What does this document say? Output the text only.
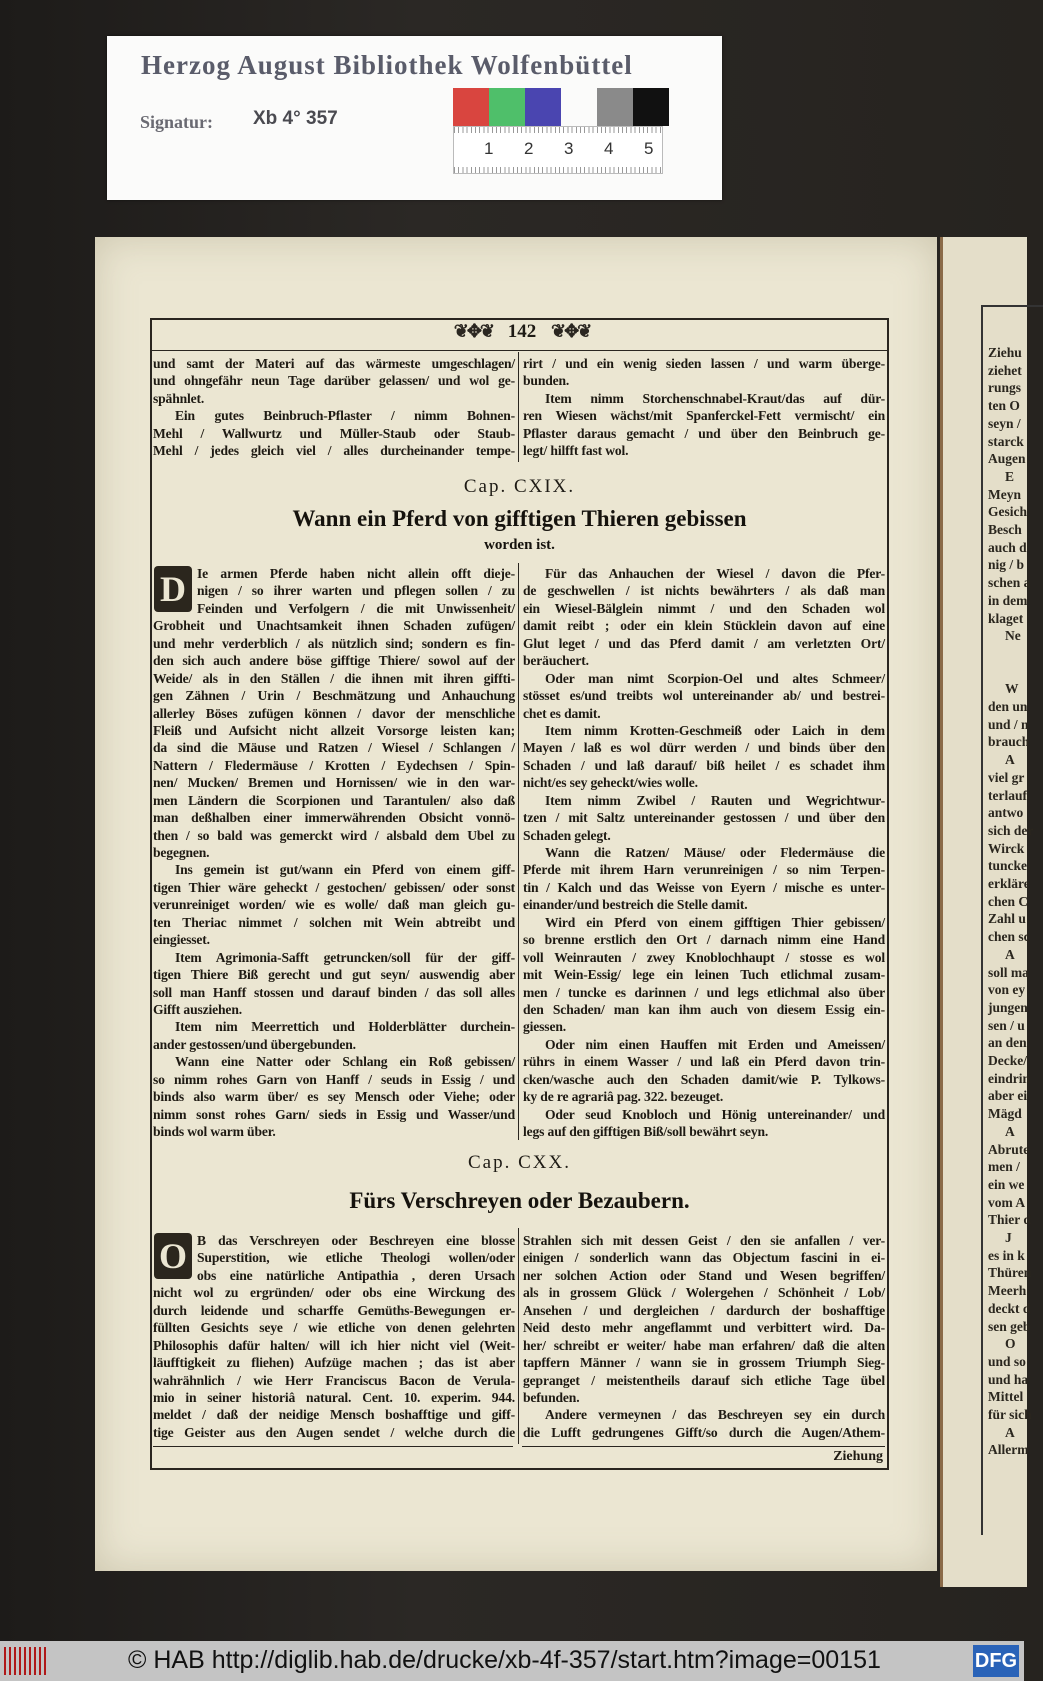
Herzog August Bibliothek Wolfenbüttel
Signatur: Xb 4° 357
1 2 3 4 5
Ziehu
ziehet
rungs
ten O
seyn /
starck
Augen
E
Meyn
Gesich
Besch
auch d
nig / b
schen a
in dem
klaget
Ne
W
den un
und / n
brauch
A
viel gr
terlauf
antwo
sich der
Wirck
tunckel
erkläre
chen C
Zahl u
chen sc
A
soll ma
von ey
jungen
sen / u
an den
Decke/
eindrin
aber ei
Mägd
A
Abrute
men /
ein we
vom A
Thier d
J
es in k
Thüren
Meerh
deckt d
sen geb
O
und so
und ha
Mittel
für sich
A
Allerm
❦✥❦ 142 ❦✥❦
und samt der Materi auf das wärmeste umgeschlagen/
und ohngefähr neun Tage darüber gelassen/ und wol ge-
spähnlet.
Ein gutes Beinbruch-Pflaster / nimm Bohnen-
Mehl / Wallwurtz und Müller-Staub oder Staub-
Mehl / jedes gleich viel / alles durcheinander tempe-
rirt / und ein wenig sieden lassen / und warm überge-
bunden.
Item nimm Storchenschnabel-Kraut/das auf dür-
ren Wiesen wächst/mit Spanferckel-Fett vermischt/ ein
Pflaster daraus gemacht / und über den Beinbruch ge-
legt/ hilfft fast wol.
Cap. CXIX.
Wann ein Pferd von gifftigen Thieren gebissen
worden ist.
D Ie armen Pferde haben nicht allein offt dieje-
nigen / so ihrer warten und pflegen sollen / zu
Feinden und Verfolgern / die mit Unwissenheit/
Grobheit und Unachtsamkeit ihnen Schaden zufügen/
und mehr verderblich / als nützlich sind; sondern es fin-
den sich auch andere böse gifftige Thiere/ sowol auf der
Weide/ als in den Ställen / die ihnen mit ihren giffti-
gen Zähnen / Urin / Beschmätzung und Anhauchung
allerley Böses zufügen können / davor der menschliche
Fleiß und Aufsicht nicht allzeit Vorsorge leisten kan;
da sind die Mäuse und Ratzen / Wiesel / Schlangen /
Nattern / Fledermäuse / Krotten / Eydechsen / Spin-
nen/ Mucken/ Bremen und Hornissen/ wie in den war-
men Ländern die Scorpionen und Tarantulen/ also daß
man deßhalben einer immerwährenden Obsicht vonnö-
then / so bald was gemerckt wird / alsbald dem Ubel zu
begegnen.
Ins gemein ist gut/wann ein Pferd von einem giff-
tigen Thier wäre geheckt / gestochen/ gebissen/ oder sonst
verunreiniget worden/ wie es wolle/ daß man gleich gu-
ten Theriac nimmet / solchen mit Wein abtreibt und
eingiesset.
Item Agrimonia-Safft getruncken/soll für der giff-
tigen Thiere Biß gerecht und gut seyn/ auswendig aber
soll man Hanff stossen und darauf binden / das soll alles
Gifft ausziehen.
Item nim Meerrettich und Holderblätter durchein-
ander gestossen/und übergebunden.
Wann eine Natter oder Schlang ein Roß gebissen/
so nimm rohes Garn von Hanff / seuds in Essig / und
binds also warm über/ es sey Mensch oder Viehe; oder
nimm sonst rohes Garn/ sieds in Essig und Wasser/und
binds wol warm über.
Für das Anhauchen der Wiesel / davon die Pfer-
de geschwellen / ist nichts bewährters / als daß man
ein Wiesel-Bälglein nimmt / und den Schaden wol
damit reibt ; oder ein klein Stücklein davon auf eine
Glut leget / und das Pferd damit / am verletzten Ort/
beräuchert.
Oder man nimt Scorpion-Oel und altes Schmeer/
stösset es/und treibts wol untereinander ab/ und bestrei-
chet es damit.
Item nimm Krotten-Geschmeiß oder Laich in dem
Mayen / laß es wol dürr werden / und binds über den
Schaden / und laß darauf/ biß heilet / es schadet ihm
nicht/es sey geheckt/wies wolle.
Item nimm Zwibel / Rauten und Wegrichtwur-
tzen / mit Saltz untereinander gestossen / und über den
Schaden gelegt.
Wann die Ratzen/ Mäuse/ oder Fledermäuse die
Pferde mit ihrem Harn verunreinigen / so nim Terpen-
tin / Kalch und das Weisse von Eyern / mische es unter-
einander/und bestreich die Stelle damit.
Wird ein Pferd von einem gifftigen Thier gebissen/
so brenne erstlich den Ort / darnach nimm eine Hand
voll Weinrauten / zwey Knoblochhaupt / stosse es wol
mit Wein-Essig/ lege ein leinen Tuch etlichmal zusam-
men / tuncke es darinnen / und legs etlichmal also über
den Schaden/ man kan ihm auch von diesem Essig ein-
giessen.
Oder nim einen Hauffen mit Erden und Ameissen/
rührs in einem Wasser / und laß ein Pferd davon trin-
cken/wasche auch den Schaden damit/wie P. Tylkows-
ky de re agrariâ pag. 322. bezeuget.
Oder seud Knobloch und Hönig untereinander/ und
legs auf den gifftigen Biß/soll bewährt seyn.
Cap. CXX.
Fürs Verschreyen oder Bezaubern.
O B das Verschreyen oder Beschreyen eine blosse
Superstition, wie etliche Theologi wollen/oder
obs eine natürliche Antipathia , deren Ursach
nicht wol zu ergründen/ oder obs eine Wirckung des
durch leidende und scharffe Gemüths-Bewegungen er-
füllten Gesichts seye / wie etliche von denen gelehrten
Philosophis dafür halten/ will ich hier nicht viel (Weit-
läufftigkeit zu fliehen) Aufzüge machen ; das ist aber
wahrähnlich / wie Herr Franciscus Bacon de Verula-
mio in seiner historiâ natural. Cent. 10. experim. 944.
meldet / daß der neidige Mensch boshafftige und giff-
tige Geister aus den Augen sendet / welche durch die
Strahlen sich mit dessen Geist / den sie anfallen / ver-
einigen / sonderlich wann das Objectum fascini in ei-
ner solchen Action oder Stand und Wesen begriffen/
als in grossem Glück / Wolergehen / Schönheit / Lob/
Ansehen / und dergleichen / dardurch der boshafftige
Neid desto mehr angeflammt und verbittert wird. Da-
her/ schreibt er weiter/ habe man erfahren/ daß die alten
tapffern Männer / wann sie in grossem Triumph Sieg-
gepranget / meistentheils darauf sich etliche Tage übel
befunden.
Andere vermeynen / das Beschreyen sey ein durch
die Lufft gedrungenes Gifft/so durch die Augen/Athem-
Ziehung
© HAB http://diglib.hab.de/drucke/xb-4f-357/start.htm?image=00151	DFG
